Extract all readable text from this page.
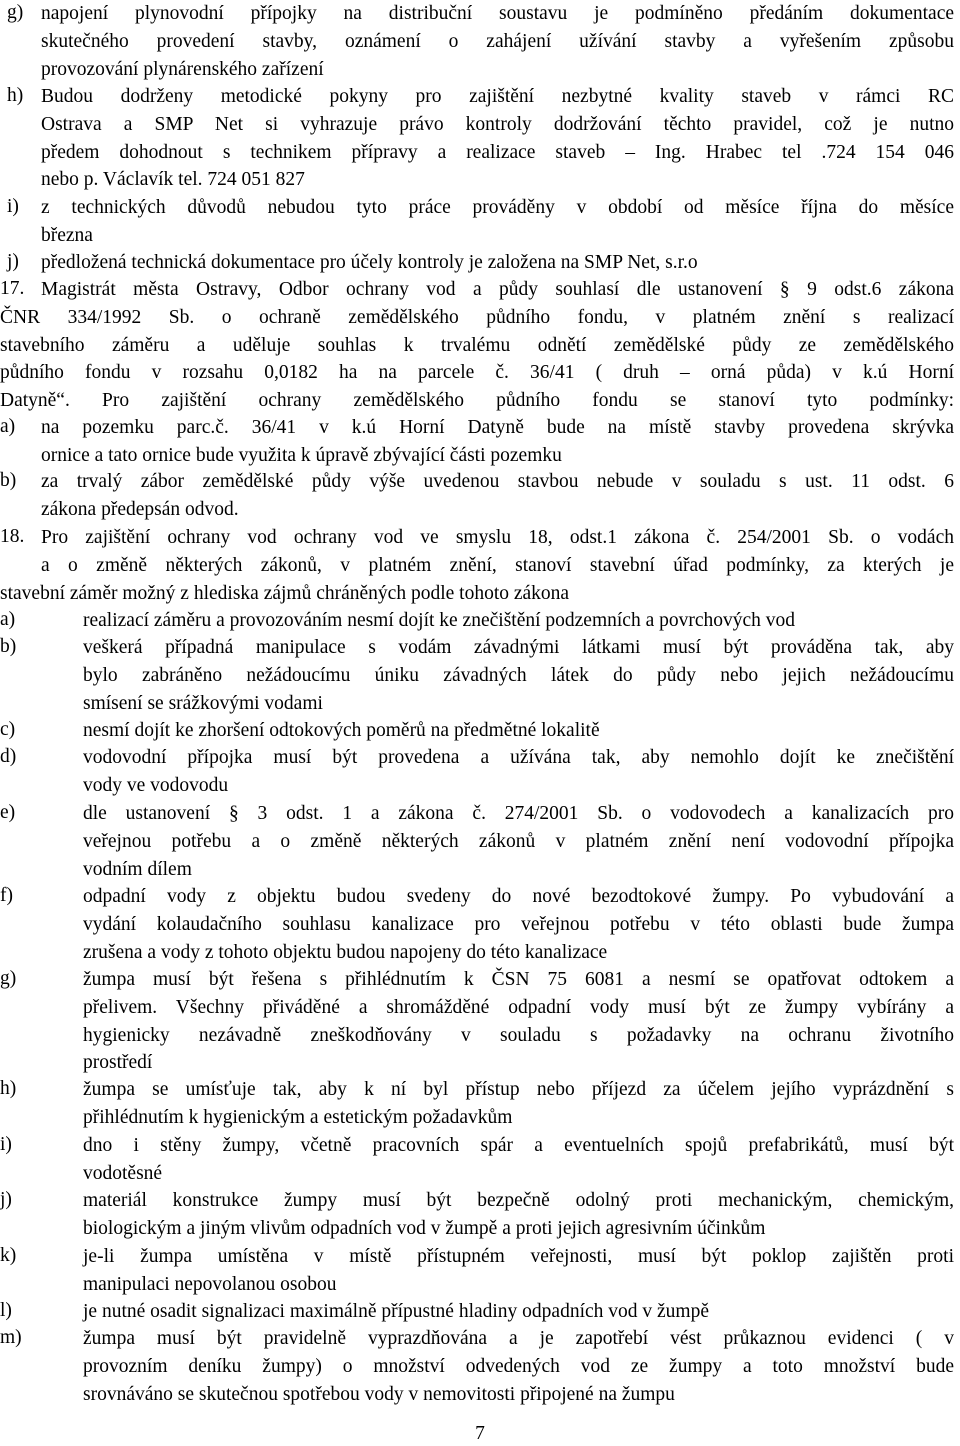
g) napojení plynovodní přípojky na distribuční soustavu je podmíněno předáním dokumentace
skutečného provedení stavby, oznámení o zahájení užívání stavby a vyřešením způsobu
provozování plynárenského zařízení
h) Budou dodrženy metodické pokyny pro zajištění nezbytné kvality staveb v rámci RC
Ostrava a SMP Net si vyhrazuje právo kontroly dodržování těchto pravidel, což je nutno
předem dohodnout s technikem přípravy a realizace staveb – Ing. Hrabec tel .724 154 046
nebo p. Václavík tel. 724 051 827
i) z technických důvodů nebudou tyto práce prováděny v období od měsíce října do měsíce
března
j) předložená technická dokumentace pro účely kontroly je založena na SMP Net, s.r.o
17. Magistrát města Ostravy, Odbor ochrany vod a půdy souhlasí dle ustanovení § 9 odst.6 zákona
ČNR 334/1992 Sb. o ochraně zemědělského půdního fondu, v platném znění s realizací
stavebního záměru a uděluje souhlas k trvalému odnětí zemědělské půdy ze zemědělského
půdního fondu v rozsahu 0,0182 ha na parcele č. 36/41 ( druh – orná půda) v k.ú Horní
Datyně“. Pro zajištění ochrany zemědělského půdního fondu se stanoví tyto podmínky:
a) na pozemku parc.č. 36/41 v k.ú Horní Datyně bude na místě stavby provedena skrývka
ornice a tato ornice bude využita k úpravě zbývající části pozemku
b) za trvalý zábor zemědělské půdy výše uvedenou stavbou nebude v souladu s ust. 11 odst. 6
zákona předepsán odvod.
18. Pro zajištění ochrany vod ochrany vod ve smyslu 18, odst.1 zákona č. 254/2001 Sb. o vodách
a o změně některých zákonů, v platném znění, stanoví stavební úřad podmínky, za kterých je
stavební záměr možný z hlediska zájmů chráněných podle tohoto zákona
a)	realizací záměru a provozováním nesmí dojít ke znečištění podzemních a povrchových vod
b)	veškerá případná manipulace s vodám závadnými látkami musí být prováděna tak, aby
bylo zabráněno nežádoucímu úniku závadných látek do půdy nebo jejich nežádoucímu
smísení se srážkovými vodami
c)	nesmí dojít ke zhoršení odtokových poměrů na předmětné lokalitě
d)	vodovodní přípojka musí být provedena a užívána tak, aby nemohlo dojít ke znečištění
vody ve vodovodu
e)	dle ustanovení § 3 odst. 1 a zákona č. 274/2001 Sb. o vodovodech a kanalizacích pro
veřejnou potřebu a o změně některých zákonů v platném znění není vodovodní přípojka
vodním dílem
f)	odpadní vody z objektu budou svedeny do nové bezodtokové žumpy. Po vybudování a
vydání kolaudačního souhlasu kanalizace pro veřejnou potřebu v této oblasti bude žumpa
zrušena a vody z tohoto objektu budou napojeny do této kanalizace
g)	žumpa musí být řešena s přihlédnutím k ČSN 75 6081 a nesmí se opatřovat odtokem a
přelivem. Všechny přiváděné a shromážděné odpadní vody musí být ze žumpy vybírány a
hygienicky nezávadně zneškodňovány v souladu s požadavky na ochranu životního
prostředí
h)	žumpa se umísťuje tak, aby k ní byl přístup nebo příjezd za účelem jejího vyprázdnění s
přihlédnutím k hygienickým a estetickým požadavkům
i)	dno i stěny žumpy, včetně pracovních spár a eventuelních spojů prefabrikátů, musí být
vodotěsné
j)	materiál konstrukce žumpy musí být bezpečně odolný proti mechanickým, chemickým,
biologickým a jiným vlivům odpadních vod v žumpě a proti jejich agresivním účinkům
k)	je-li žumpa umístěna v místě přístupném veřejnosti, musí být poklop zajištěn proti
manipulaci nepovolanou osobou
l)	je nutné osadit signalizaci maximálně přípustné hladiny odpadních vod v žumpě
m)	žumpa musí být pravidelně vyprazdňována a je zapotřebí vést průkaznou evidenci ( v
provozním deníku žumpy) o množství odvedených vod ze žumpy a toto množství bude
srovnáváno se skutečnou spotřebou vody v nemovitosti připojené na žumpu
7
